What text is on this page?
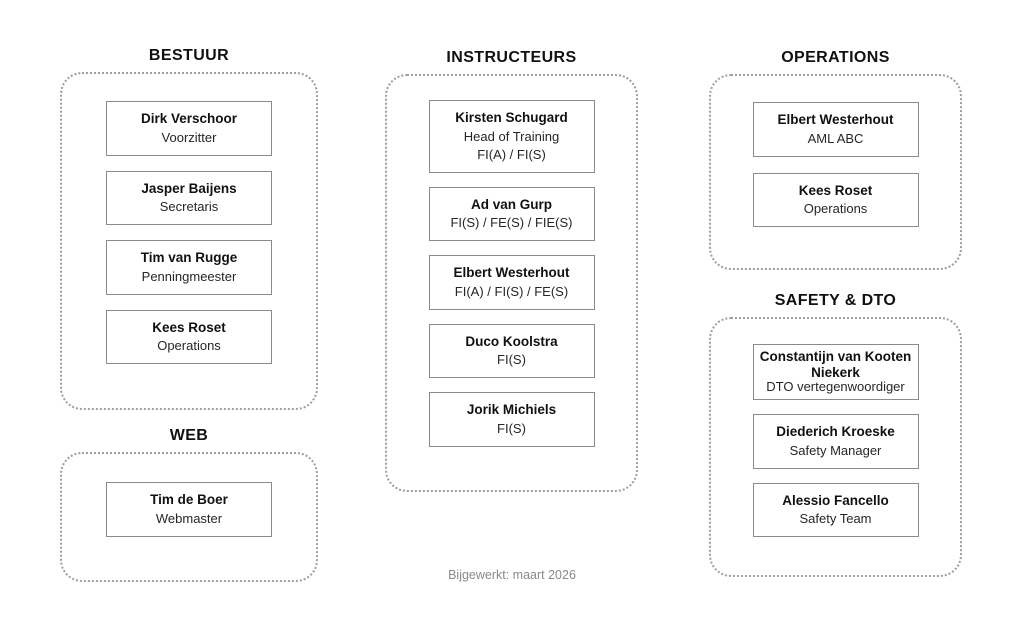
BESTUUR
Dirk Verschoor
Voorzitter
Jasper Baijens
Secretaris
Tim van Rugge
Penningmeester
Kees Roset
Operations
WEB
Tim de Boer
Webmaster
INSTRUCTEURS
Kirsten Schugard
Head of Training
FI(A) / FI(S)
Ad van Gurp
FI(S) / FE(S) / FIE(S)
Elbert Westerhout
FI(A) / FI(S) / FE(S)
Duco Koolstra
FI(S)
Jorik Michiels
FI(S)
OPERATIONS
Elbert Westerhout
AML ABC
Kees Roset
Operations
SAFETY & DTO
Constantijn van Kooten Niekerk
DTO vertegenwoordiger
Diederich Kroeske
Safety Manager
Alessio Fancello
Safety Team
Bijgewerkt: maart 2026
